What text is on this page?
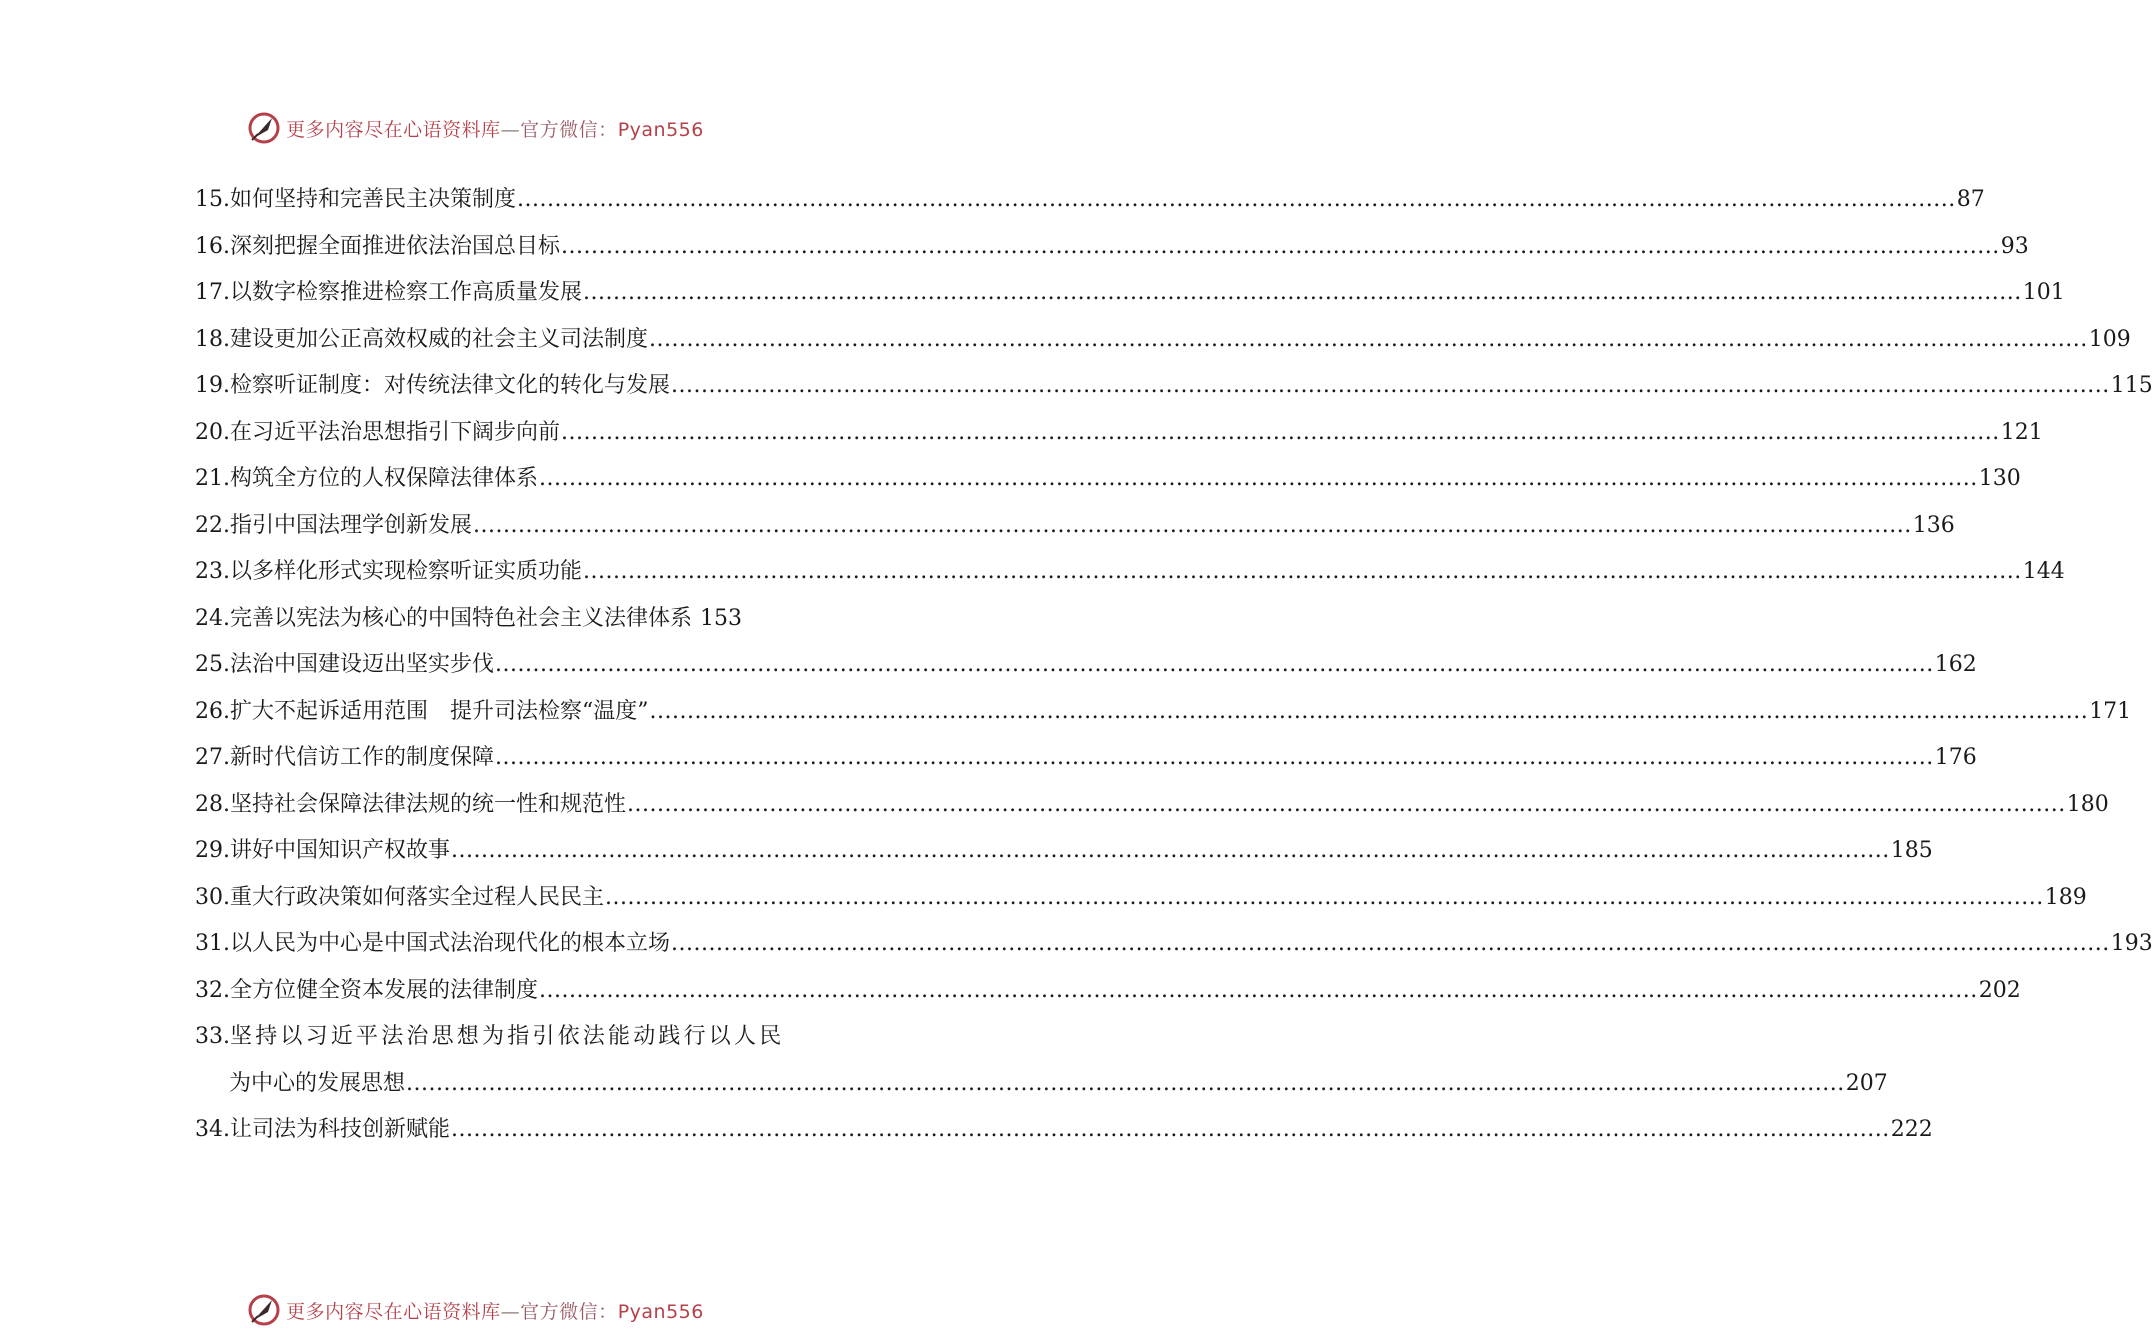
更多内容尽在心语资料库—官方微信：Pyan556
15. 如何坚持和完善民主决策制度 .....	87
16. 深刻把握全面推进依法治国总目标 .....	93
17. 以数字检察推进检察工作高质量发展 .....	101
18. 建设更加公正高效权威的社会主义司法制度 .....	109
19. 检察听证制度：对传统法律文化的转化与发展 .....	115
20. 在习近平法治思想指引下阔步向前 .....	121
21. 构筑全方位的人权保障法律体系 .....	130
22. 指引中国法理学创新发展 .....	136
23. 以多样化形式实现检察听证实质功能 .....	144
24. 完善以宪法为核心的中国特色社会主义法律体系 153
25. 法治中国建设迈出坚实步伐 .....	162
26. 扩大不起诉适用范围　提升司法检察“温度” .....	171
27. 新时代信访工作的制度保障 .....	176
28. 坚持社会保障法律法规的统一性和规范性 .....	180
29. 讲好中国知识产权故事 .....	185
30. 重大行政决策如何落实全过程人民民主 .....	189
31. 以人民为中心是中国式法治现代化的根本立场 .....	193
32. 全方位健全资本发展的法律制度 .....	202
33. 坚持以习近平法治思想为指引依法能动践行以人民
为中心的发展思想 .....	207
34. 让司法为科技创新赋能 .....	222
更多内容尽在心语资料库—官方微信：Pyan556
